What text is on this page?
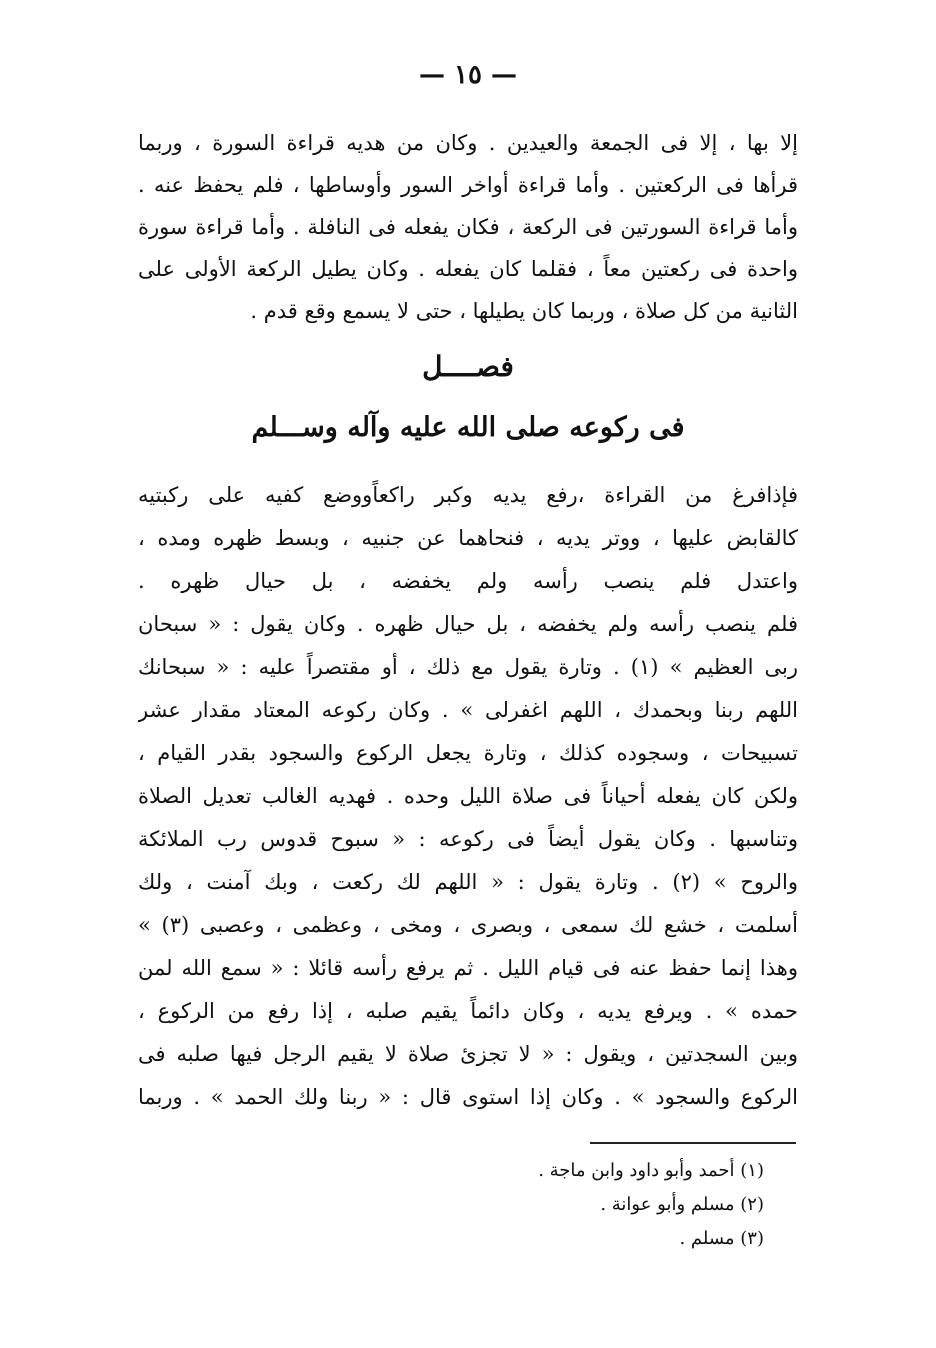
— ١٥ —
إلا بها ، إلا فى الجمعة والعيدين . وكان من هديه قراءة السورة ، وربما
قرأها فى الركعتين . وأما قراءة أواخر السور وأوساطها ، فلم يحفظ عنه .
وأما قراءة السورتين فى الركعة ، فكان يفعله فى النافلة . وأما قراءة سورة
واحدة فى ركعتين معاً ، فقلما كان يفعله . وكان يطيل الركعة الأولى على
الثانية من كل صلاة ، وربما كان يطيلها ، حتى لا يسمع وقع قدم .
فصــــل
فى ركوعه صلى الله عليه وآله وســـلم
فإذافرغ من القراءة ،رفع يديه وكبر راكعاًووضع كفيه على ركبتيه
كالقابض عليها ، ووتر يديه ، فنحاهما عن جنبيه ، وبسط ظهره ومده ،
واعتدل فلم ينصب رأسه ولم يخفضه ، بل حيال ظهره .
فلم ينصب رأسه ولم يخفضه ، بل حيال ظهره . وكان يقول : « سبحان
ربى العظيم » (١) . وتارة يقول مع ذلك ، أو مقتصراً عليه : « سبحانك
اللهم ربنا وبحمدك ، اللهم اغفرلى » . وكان ركوعه المعتاد مقدار عشر
تسبيحات ، وسجوده كذلك ، وتارة يجعل الركوع والسجود بقدر القيام ،
ولكن كان يفعله أحياناً فى صلاة الليل وحده . فهديه الغالب تعديل الصلاة
وتناسبها . وكان يقول أيضاً فى ركوعه : « سبوح قدوس رب الملائكة
والروح » (٢) . وتارة يقول : « اللهم لك ركعت ، وبك آمنت ، ولك
أسلمت ، خشع لك سمعى ، وبصرى ، ومخى ، وعظمى ، وعصبى (٣) »
وهذا إنما حفظ عنه فى قيام الليل . ثم يرفع رأسه قائلا : « سمع الله لمن
حمده » . ويرفع يديه ، وكان دائماً يقيم صلبه ، إذا رفع من الركوع ،
وبين السجدتين ، ويقول : « لا تجزئ صلاة لا يقيم الرجل فيها صلبه فى
الركوع والسجود » . وكان إذا استوى قال : « ربنا ولك الحمد » . وربما
(١) أحمد وأبو داود وابن ماجة .
(٢) مسلم وأبو عوانة .
(٣) مسلم .
